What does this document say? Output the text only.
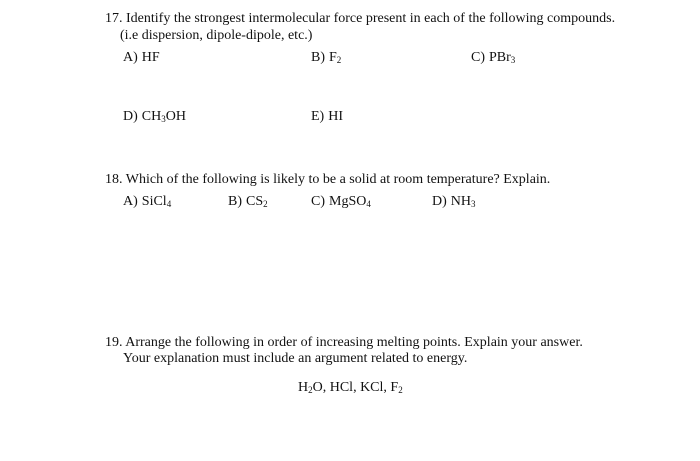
17. Identify the strongest intermolecular force present in each of the following compounds.
(i.e dispersion, dipole-dipole, etc.)
A) HF	B) $F_2$	C) PBr$_3$
D) $CH_3OH$	E) HI
18. Which of the following is likely to be a solid at room temperature? Explain.
A) SiCl$_4$	B) $CS_2$	C) MgSO$_4$	D) $NH_3$
19. Arrange the following in order of increasing melting points. Explain your answer.
Your explanation must include an argument related to energy.
$H_2O$, HCl, KCl, $F_2$
